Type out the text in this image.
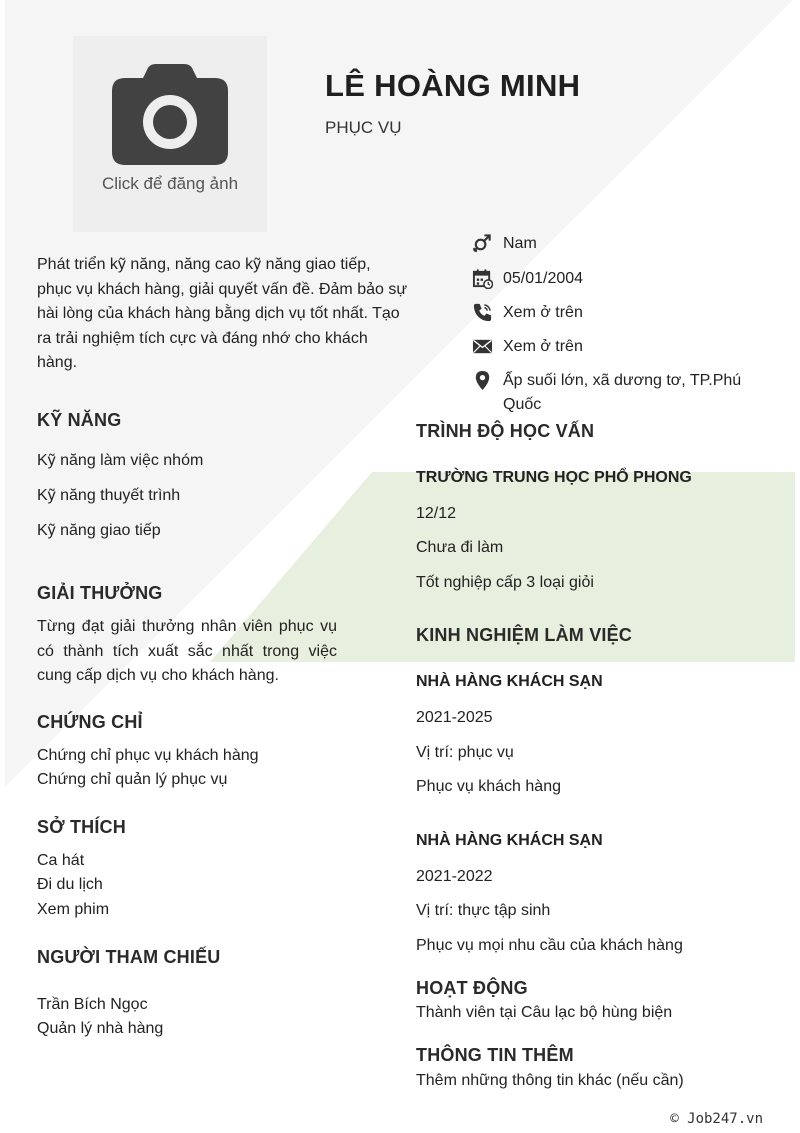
Click để đăng ảnh
LÊ HOÀNG MINH
PHỤC VỤ
Phát triển kỹ năng, năng cao kỹ năng giao tiếp, phục vụ khách hàng, giải quyết vấn đề. Đảm bảo sự hài lòng của khách hàng bằng dịch vụ tốt nhất. Tạo ra trải nghiệm tích cực và đáng nhớ cho khách hàng.
Nam
05/01/2004
Xem ở trên
Xem ở trên
Ấp suối lớn, xã dương tơ, TP.Phú Quốc
KỸ NĂNG
Kỹ năng làm việc nhóm
Kỹ năng thuyết trình
Kỹ năng giao tiếp
GIẢI THƯỞNG
Từng đạt giải thưởng nhân viên phục vụ có thành tích xuất sắc nhất trong việc cung cấp dịch vụ cho khách hàng.
CHỨNG CHỈ
Chứng chỉ phục vụ khách hàng
Chứng chỉ quản lý phục vụ
SỞ THÍCH
Ca hát
Đi du lịch
Xem phim
NGƯỜI THAM CHIẾU
Trần Bích Ngọc
Quản lý nhà hàng
TRÌNH ĐỘ HỌC VẤN
TRƯỜNG TRUNG HỌC PHỔ PHONG
12/12
Chưa đi làm
Tốt nghiệp cấp 3 loại giỏi
KINH NGHIỆM LÀM VIỆC
NHÀ HÀNG KHÁCH SẠN
2021-2025
Vị trí: phục vụ
Phục vụ khách hàng
NHÀ HÀNG KHÁCH SẠN
2021-2022
Vị trí: thực tập sinh
Phục vụ mọi nhu cầu của khách hàng
HOẠT ĐỘNG
Thành viên tại Câu lạc bộ hùng biện
THÔNG TIN THÊM
Thêm những thông tin khác (nếu cần)
© Job247.vn
